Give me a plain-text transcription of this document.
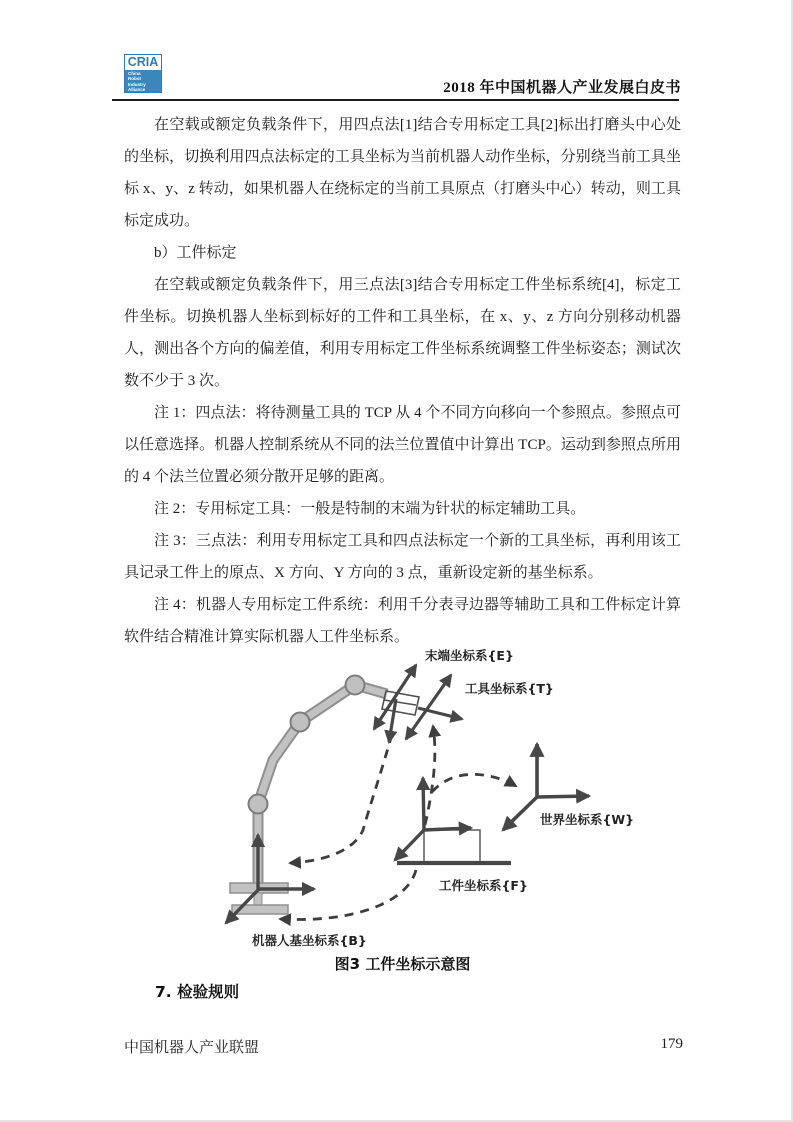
CRIA
China
Robot
Industry
Alliance	2018 年中国机器人产业发展白皮书

在空载或额定负载条件下，用四点法[1]结合专用标定工具[2]标出打磨头中心处的坐标，切换利用四点法标定的工具坐标为当前机器人动作坐标，分别绕当前工具坐标 x、y、z 转动，如果机器人在绕标定的当前工具原点（打磨头中心）转动，则工具标定成功。

b）工件标定

在空载或额定负载条件下，用三点法[3]结合专用标定工件坐标系统[4]，标定工件坐标。切换机器人坐标到标好的工件和工具坐标，在 x、y、z 方向分别移动机器人，测出各个方向的偏差值，利用专用标定工件坐标系统调整工件坐标姿态；测试次数不少于 3 次。

注 1：四点法：将待测量工具的 TCP 从 4 个不同方向移向一个参照点。参照点可以任意选择。机器人控制系统从不同的法兰位置值中计算出 TCP。运动到参照点所用的 4 个法兰位置必须分散开足够的距离。

注 2：专用标定工具：一般是特制的末端为针状的标定辅助工具。

注 3：三点法：利用专用标定工具和四点法标定一个新的工具坐标，再利用该工具记录工件上的原点、X 方向、Y 方向的 3 点，重新设定新的基坐标系。

注 4：机器人专用标定工件系统：利用千分表寻边器等辅助工具和工件标定计算软件结合精准计算实际机器人工件坐标系。

末端坐标系{E}
工具坐标系{T}
世界坐标系{W}
工件坐标系{F}
机器人基坐标系{B}
图3 工件坐标示意图
7. 检验规则
中国机器人产业联盟	179
